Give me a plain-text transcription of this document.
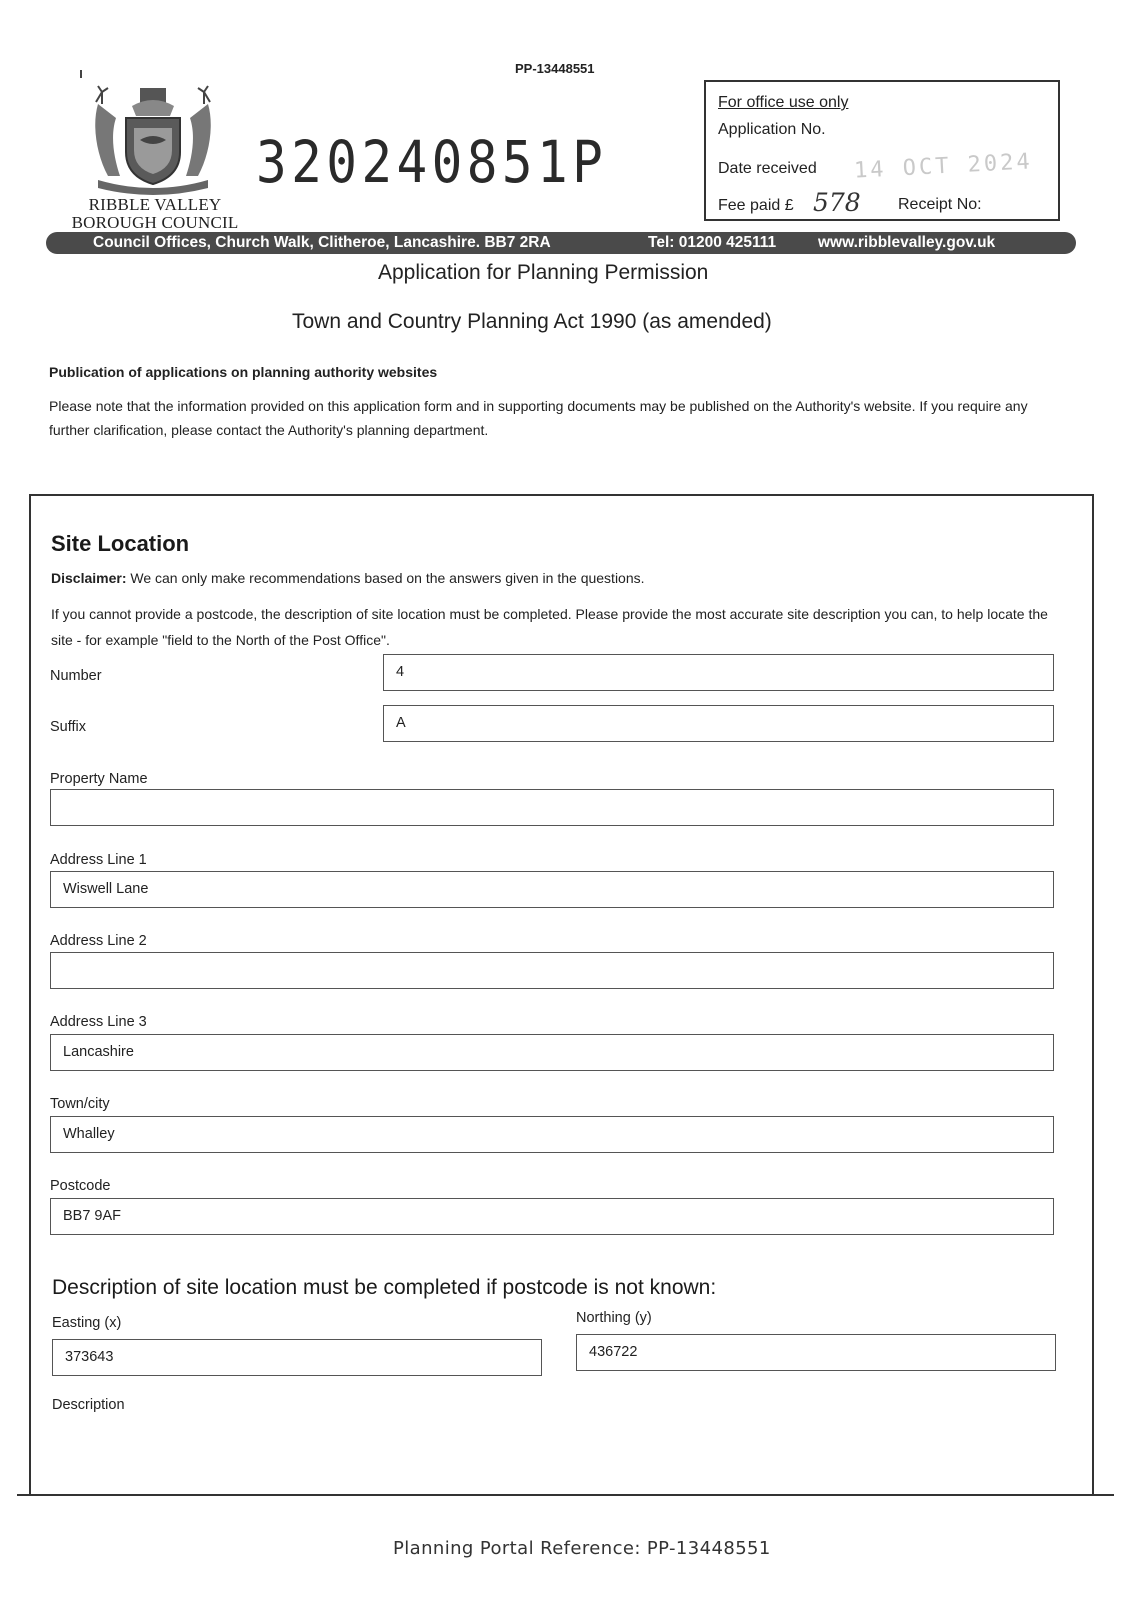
PP-13448551
RIBBLE VALLEY
BOROUGH COUNCIL
320240851P
For office use only
Application No.
Date received 14 OCT 2024
Fee paid £ 578 Receipt No:
Council Offices, Church Walk, Clitheroe, Lancashire. BB7 2RA	Tel: 01200 425111	www.ribblevalley.gov.uk
Application for Planning Permission
Town and Country Planning Act 1990 (as amended)
Publication of applications on planning authority websites
Please note that the information provided on this application form and in supporting documents may be published on the Authority's website. If you require any further clarification, please contact the Authority's planning department.
Site Location
Disclaimer: We can only make recommendations based on the answers given in the questions.
If you cannot provide a postcode, the description of site location must be completed. Please provide the most accurate site description you can, to help locate the site - for example "field to the North of the Post Office".
Number	4
Suffix	A
Property Name
Address Line 1
Wiswell Lane
Address Line 2
Address Line 3
Lancashire
Town/city
Whalley
Postcode
BB7 9AF
Description of site location must be completed if postcode is not known:
Easting (x)
373643
Northing (y)
436722
Description
Planning Portal Reference: PP-13448551
